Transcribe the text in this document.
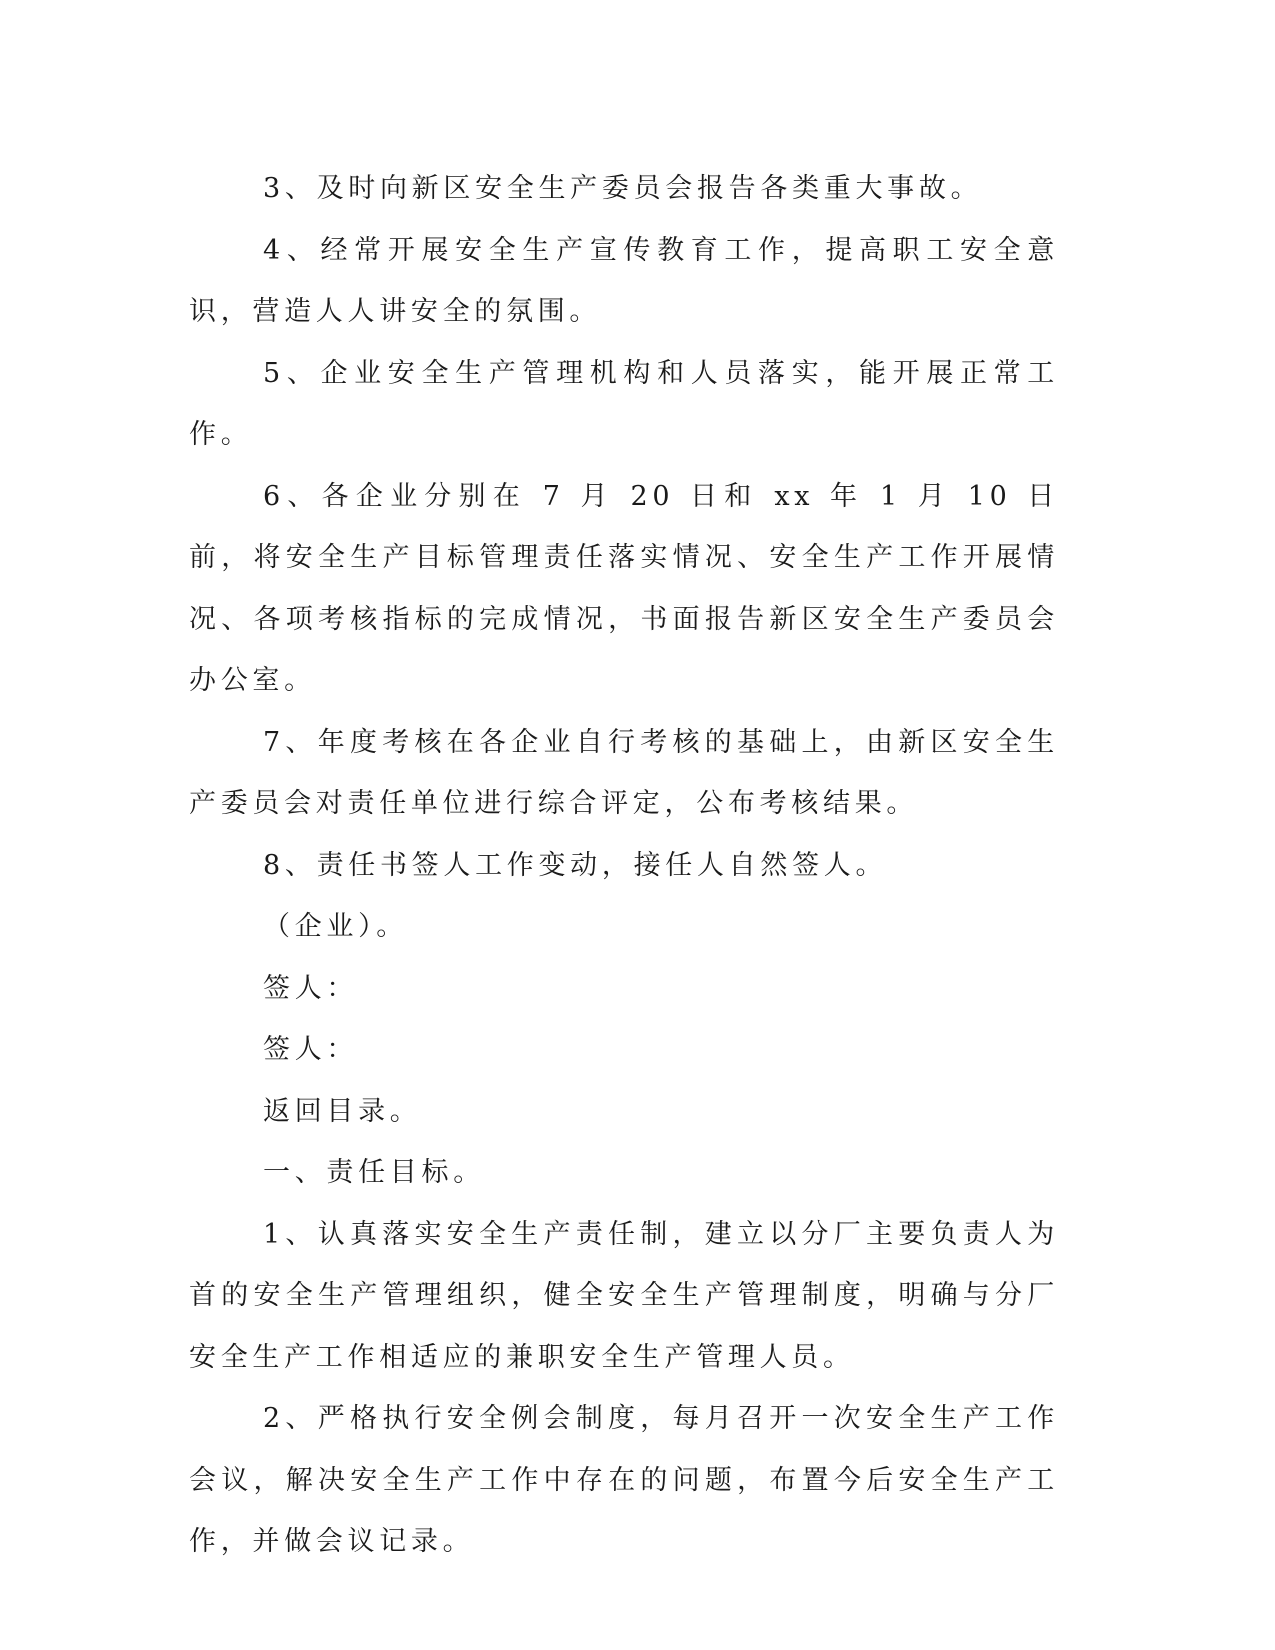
3、及时向新区安全生产委员会报告各类重大事故。

4、经常开展安全生产宣传教育工作，提高职工安全意识，营造人人讲安全的氛围。

5、企业安全生产管理机构和人员落实，能开展正常工作。

6、各企业分别在 7 月 20 日和 xx 年 1 月 10 日前，将安全生产目标管理责任落实情况、安全生产工作开展情况、各项考核指标的完成情况，书面报告新区安全生产委员会办公室。

7、年度考核在各企业自行考核的基础上，由新区安全生产委员会对责任单位进行综合评定，公布考核结果。

8、责任书签人工作变动，接任人自然签人。

（企业）。

签人：

签人：

返回目录。

一、责任目标。

1、认真落实安全生产责任制，建立以分厂主要负责人为首的安全生产管理组织，健全安全生产管理制度，明确与分厂安全生产工作相适应的兼职安全生产管理人员。

2、严格执行安全例会制度，每月召开一次安全生产工作会议，解决安全生产工作中存在的问题，布置今后安全生产工作，并做会议记录。
